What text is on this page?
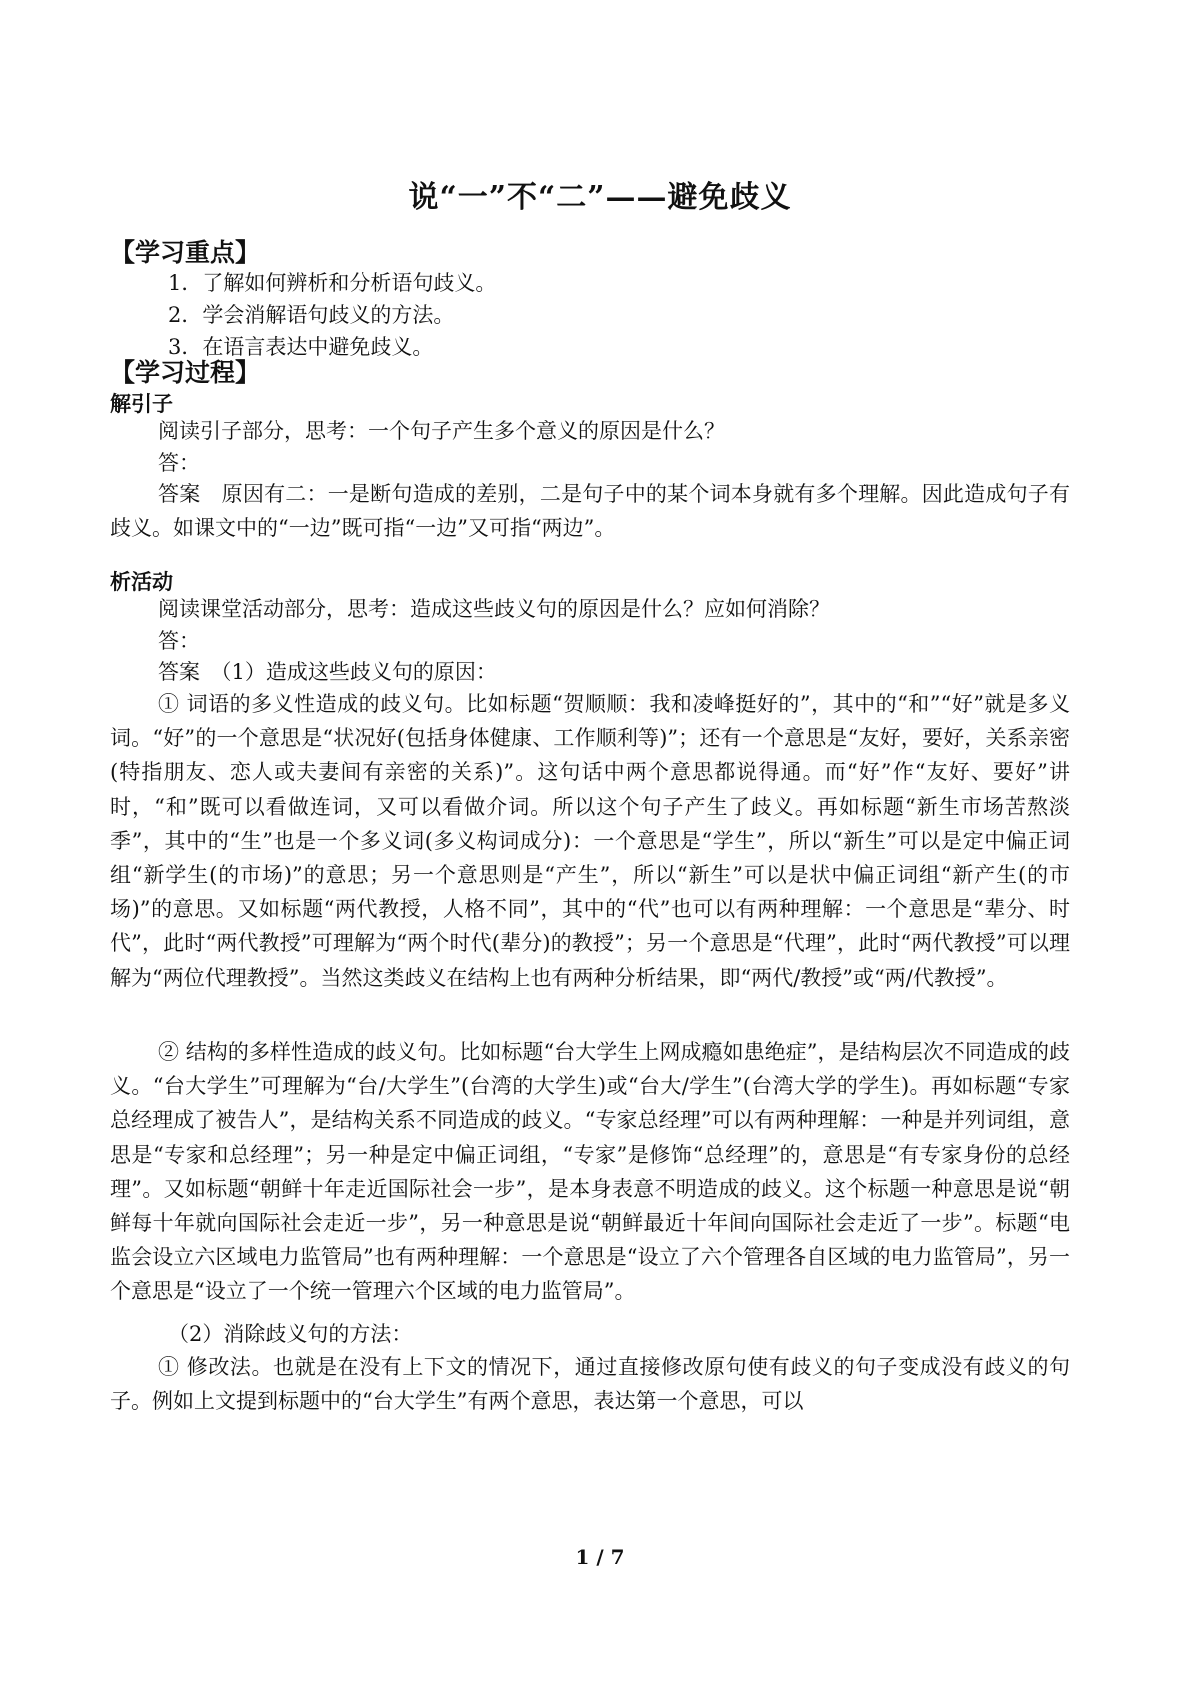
说“一”不“二”——避免歧义
【学习重点】
1．了解如何辨析和分析语句歧义。
2．学会消解语句歧义的方法。
3．在语言表达中避免歧义。
【学习过程】
解引子
阅读引子部分，思考：一个句子产生多个意义的原因是什么？
答：

答案　原因有二：一是断句造成的差别，二是句子中的某个词本身就有多个理解。因此造成句子有歧义。如课文中的“一边”既可指“一边”又可指“两边”。

析活动
阅读课堂活动部分，思考：造成这些歧义句的原因是什么？应如何消除？
答：
答案　（1）造成这些歧义句的原因：

① 词语的多义性造成的歧义句。比如标题“贺顺顺：我和凌峰挺好的”，其中的“和”“好”就是多义词。“好”的一个意思是“状况好(包括身体健康、工作顺利等)”；还有一个意思是“友好，要好，关系亲密(特指朋友、恋人或夫妻间有亲密的关系)”。这句话中两个意思都说得通。而“好”作“友好、要好”讲时，“和”既可以看做连词，又可以看做介词。所以这个句子产生了歧义。再如标题“新生市场苦熬淡季”，其中的“生”也是一个多义词(多义构词成分)：一个意思是“学生”，所以“新生”可以是定中偏正词组“新学生(的市场)”的意思；另一个意思则是“产生”，所以“新生”可以是状中偏正词组“新产生(的市场)”的意思。又如标题“两代教授，人格不同”，其中的“代”也可以有两种理解：一个意思是“辈分、时代”，此时“两代教授”可理解为“两个时代(辈分)的教授”；另一个意思是“代理”，此时“两代教授”可以理解为“两位代理教授”。当然这类歧义在结构上也有两种分析结果，即“两代/教授”或“两/代教授”。

② 结构的多样性造成的歧义句。比如标题“台大学生上网成瘾如患绝症”，是结构层次不同造成的歧义。“台大学生”可理解为“台/大学生”(台湾的大学生)或“台大/学生”(台湾大学的学生)。再如标题“专家总经理成了被告人”，是结构关系不同造成的歧义。“专家总经理”可以有两种理解：一种是并列词组，意思是“专家和总经理”；另一种是定中偏正词组，“专家”是修饰“总经理”的，意思是“有专家身份的总经理”。又如标题“朝鲜十年走近国际社会一步”，是本身表意不明造成的歧义。这个标题一种意思是说“朝鲜每十年就向国际社会走近一步”，另一种意思是说“朝鲜最近十年间向国际社会走近了一步”。标题“电监会设立六区域电力监管局”也有两种理解：一个意思是“设立了六个管理各自区域的电力监管局”，另一个意思是“设立了一个统一管理六个区域的电力监管局”。

（2）消除歧义句的方法：

① 修改法。也就是在没有上下文的情况下，通过直接修改原句使有歧义的句子变成没有歧义的句子。例如上文提到标题中的“台大学生”有两个意思，表达第一个意思，可以

1 / 7
